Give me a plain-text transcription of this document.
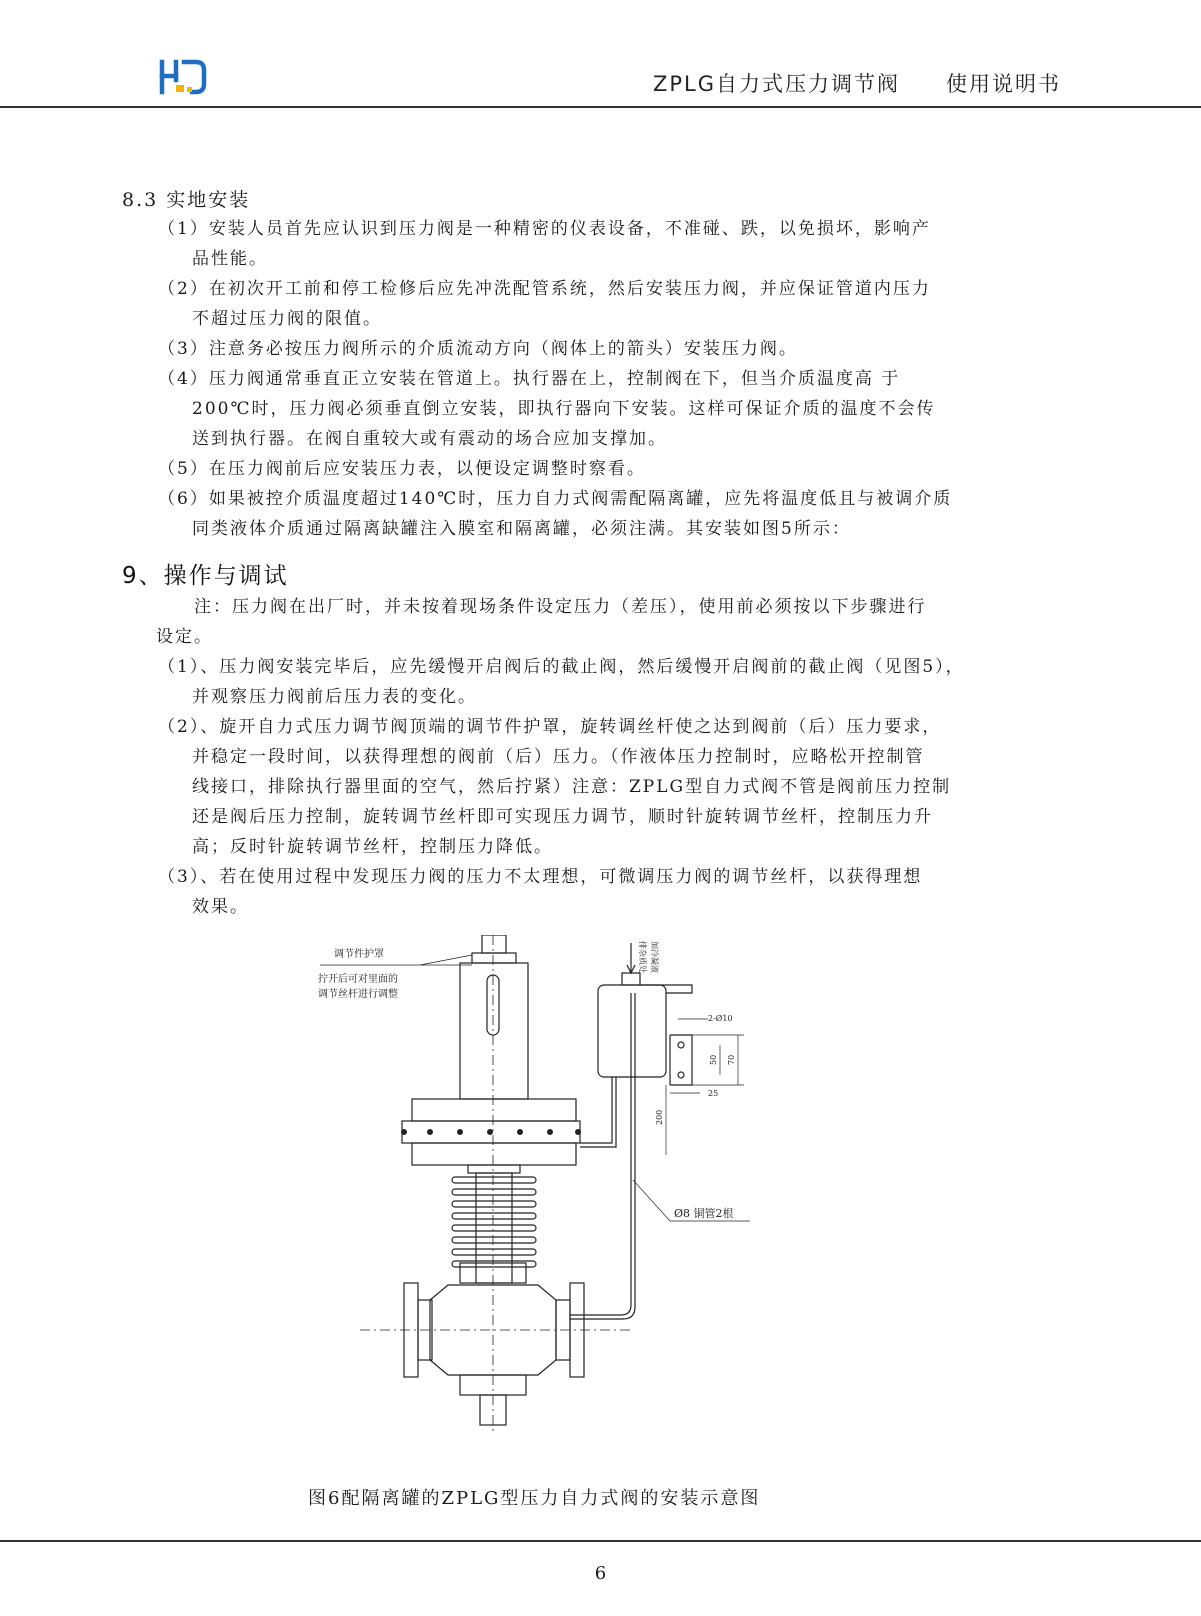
ZPLG自力式压力调节阀 使用说明书
8.3 实地安装
（1）安装人员首先应认识到压力阀是一种精密的仪表设备，不准碰、跌，以免损坏，影响产
品性能。
（2）在初次开工前和停工检修后应先冲洗配管系统，然后安装压力阀，并应保证管道内压力
不超过压力阀的限值。
（3）注意务必按压力阀所示的介质流动方向（阀体上的箭头）安装压力阀。
（4）压力阀通常垂直正立安装在管道上。执行器在上，控制阀在下，但当介质温度高 于
200℃时，压力阀必须垂直倒立安装，即执行器向下安装。这样可保证介质的温度不会传
送到执行器。在阀自重较大或有震动的场合应加支撑加。
（5）在压力阀前后应安装压力表，以便设定调整时察看。
（6）如果被控介质温度超过140℃时，压力自力式阀需配隔离罐，应先将温度低且与被调介质
同类液体介质通过隔离缺罐注入膜室和隔离罐，必须注满。其安装如图5所示：
9、操作与调试
注：压力阀在出厂时，并未按着现场条件设定压力（差压），使用前必须按以下步骤进行
设定。
（1）、压力阀安装完毕后，应先缓慢开启阀后的截止阀，然后缓慢开启阀前的截止阀（见图5），
并观察压力阀前后压力表的变化。
（2）、旋开自力式压力调节阀顶端的调节件护罩，旋转调丝杆使之达到阀前（后）压力要求，
并稳定一段时间，以获得理想的阀前（后）压力。（作液体压力控制时，应略松开控制管
线接口，排除执行器里面的空气，然后拧紧）注意：ZPLG型自力式阀不管是阀前压力控制
还是阀后压力控制，旋转调节丝杆即可实现压力调节，顺时针旋转调节丝杆，控制压力升
高；反时针旋转调节丝杆，控制压力降低。
（3）、若在使用过程中发现压力阀的压力不太理想，可微调压力阀的调节丝杆，以获得理想
效果。
调节件护罩
拧开后可对里面的
调节丝杆进行调整
加冷凝液
排杂质处
2-Ø10
50 70
25
200
Ø8 铜管2根
图6配隔离罐的ZPLG型压力自力式阀的安装示意图
6
